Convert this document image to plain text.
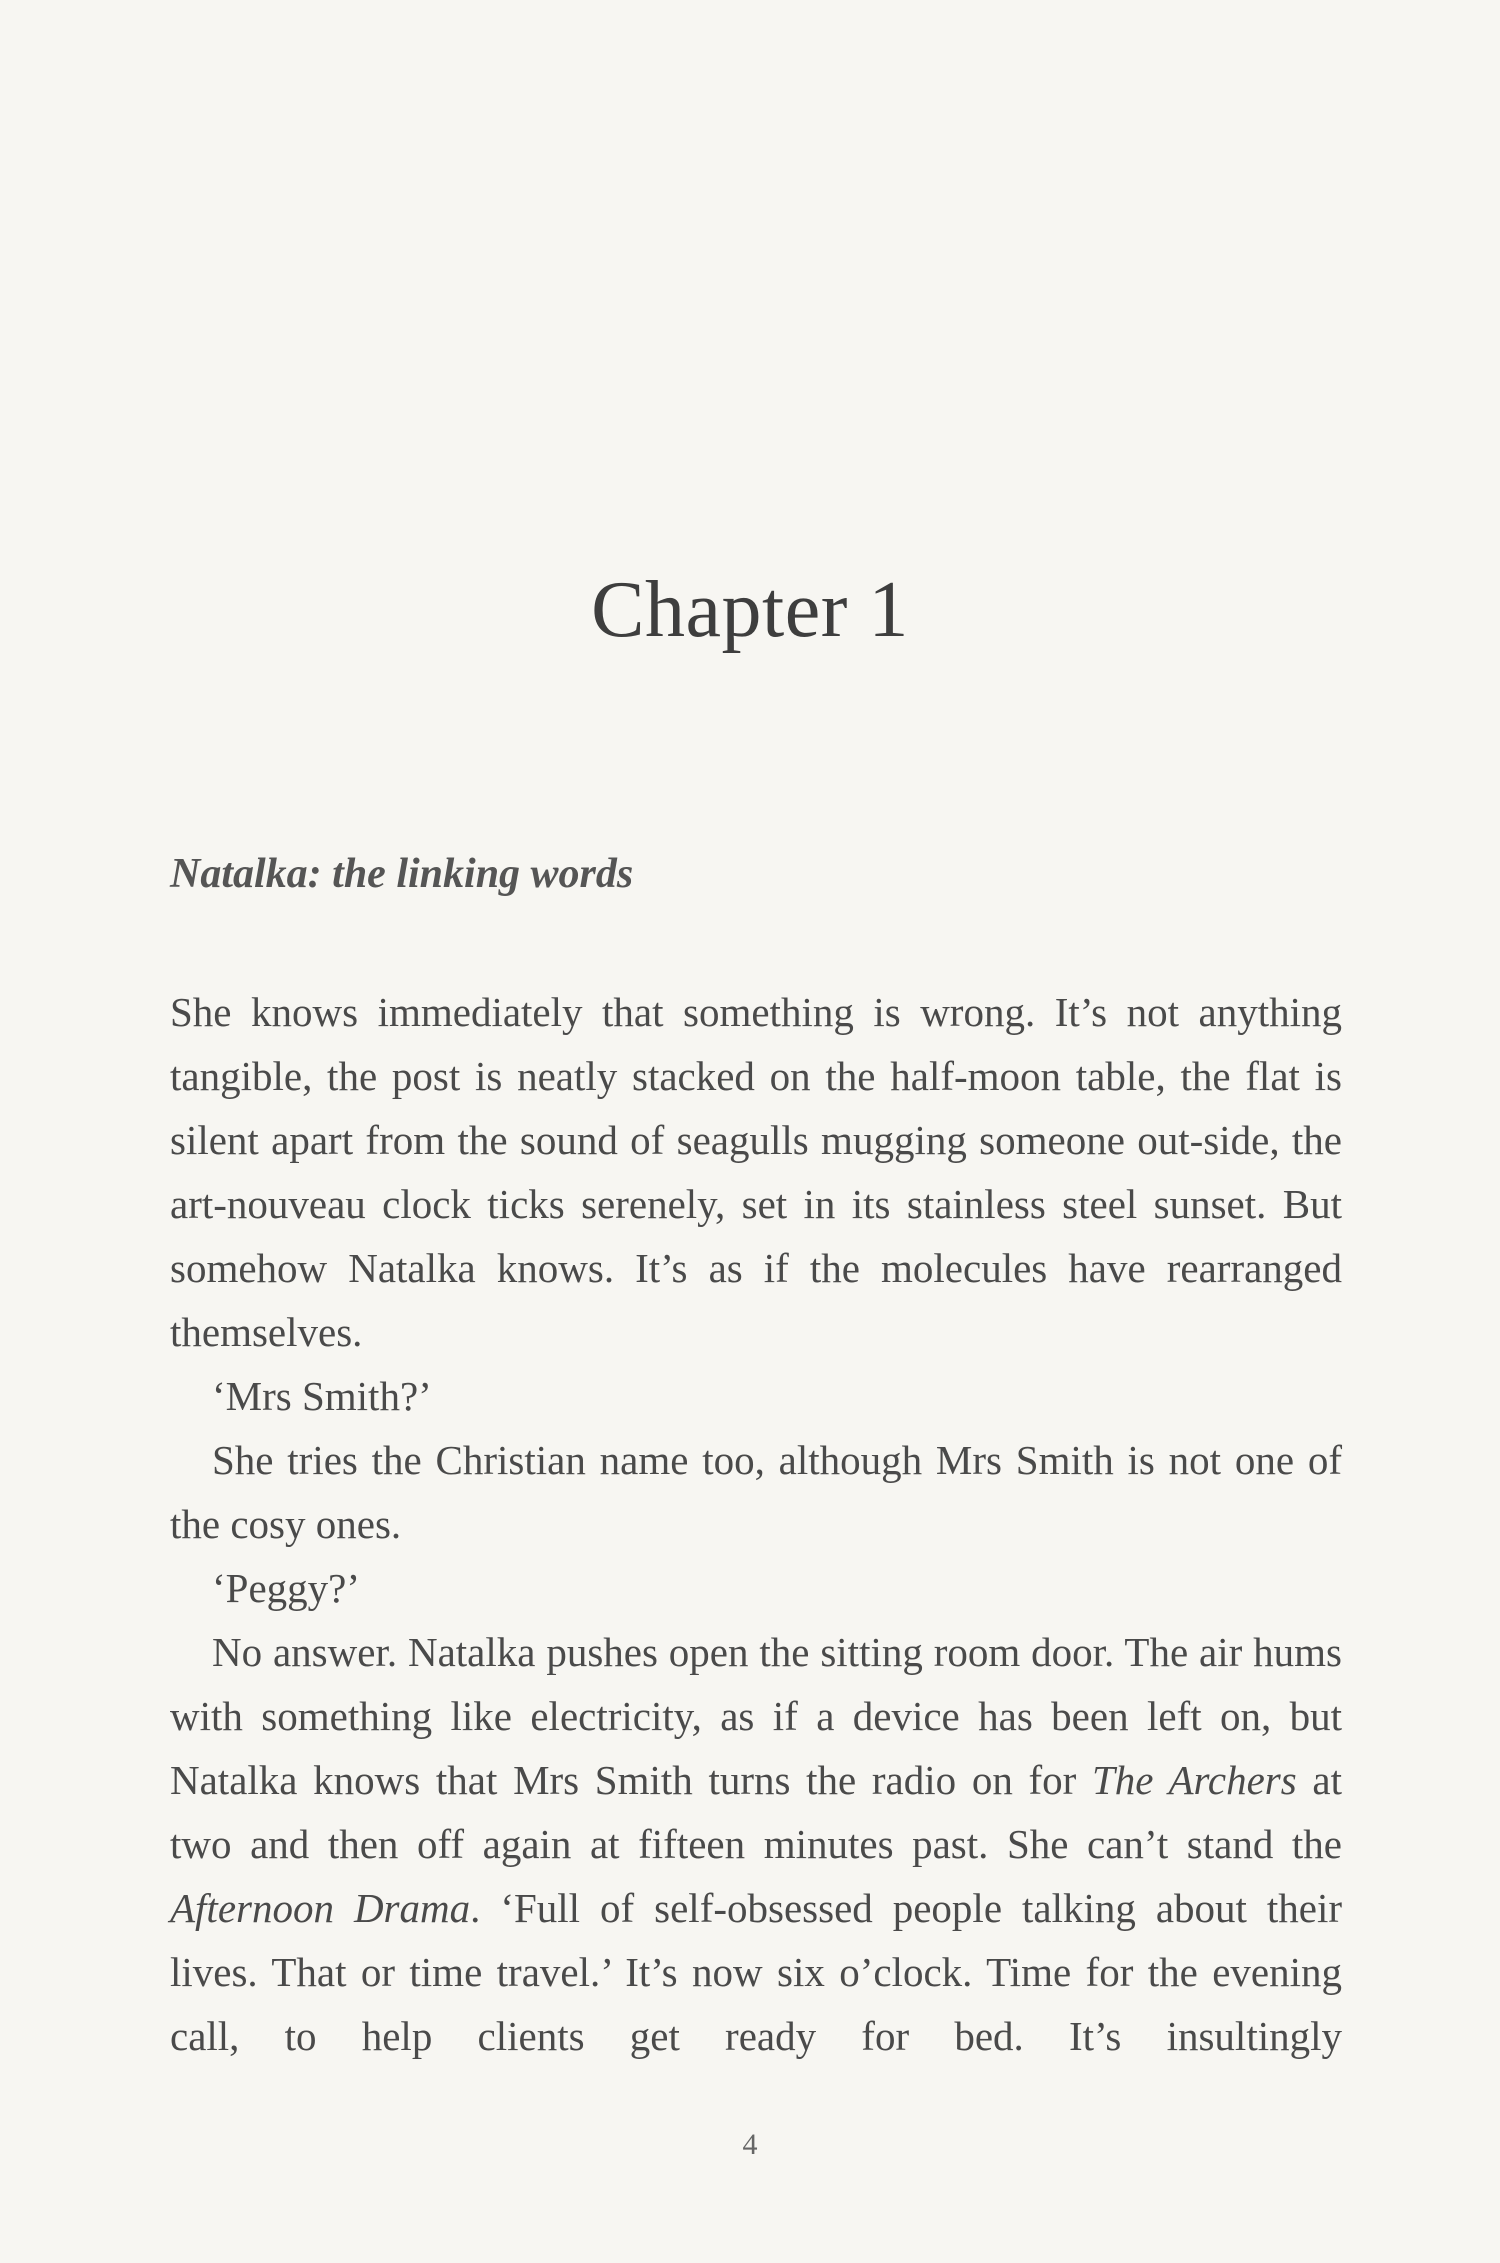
Chapter 1
Natalka: the linking words

She knows immediately that something is wrong. It’s not anything tangible, the post is neatly stacked on the half-moon table, the flat is silent apart from the sound of seagulls mugging someone out-side, the art-nouveau clock ticks serenely, set in its stainless steel sunset. But somehow Natalka knows. It’s as if the molecules have rearranged themselves.

‘Mrs Smith?’

She tries the Christian name too, although Mrs Smith is not one of the cosy ones.

‘Peggy?’

No answer. Natalka pushes open the sitting room door. The air hums with something like electricity, as if a device has been left on, but Natalka knows that Mrs Smith turns the radio on for The Archers at two and then off again at fifteen minutes past. She can’t stand the Afternoon Drama. ‘Full of self-obsessed people talking about their lives. That or time travel.’ It’s now six o’clock. Time for the evening call, to help clients get ready for bed. It’s insultingly

4
